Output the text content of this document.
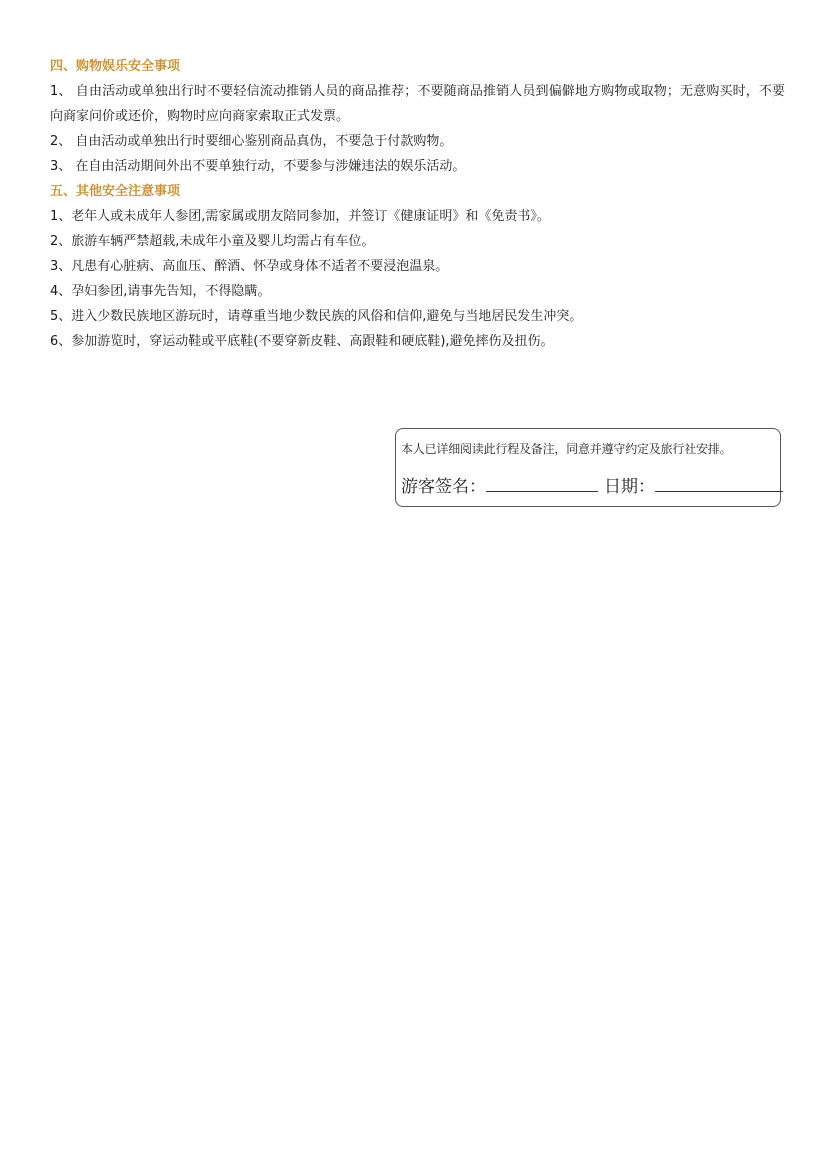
四、购物娱乐安全事项

1、 自由活动或单独出行时不要轻信流动推销人员的商品推荐；不要随商品推销人员到偏僻地方购物或取物；无意购买时，不要向商家问价或还价，购物时应向商家索取正式发票。

2、 自由活动或单独出行时要细心鉴别商品真伪，不要急于付款购物。

3、 在自由活动期间外出不要单独行动，不要参与涉嫌违法的娱乐活动。

五、其他安全注意事项

1、老年人或未成年人参团,需家属或朋友陪同参加，并签订《健康证明》和《免责书》。

2、旅游车辆严禁超载,未成年小童及婴儿均需占有车位。

3、凡患有心脏病、高血压、醉酒、怀孕或身体不适者不要浸泡温泉。

4、孕妇参团,请事先告知，不得隐瞒。

5、进入少数民族地区游玩时，请尊重当地少数民族的风俗和信仰,避免与当地居民发生冲突。

6、参加游览时，穿运动鞋或平底鞋(不要穿新皮鞋、高跟鞋和硬底鞋),避免摔伤及扭伤。

本人已详细阅读此行程及备注，同意并遵守约定及旅行社安排。
游客签名：	日期：
